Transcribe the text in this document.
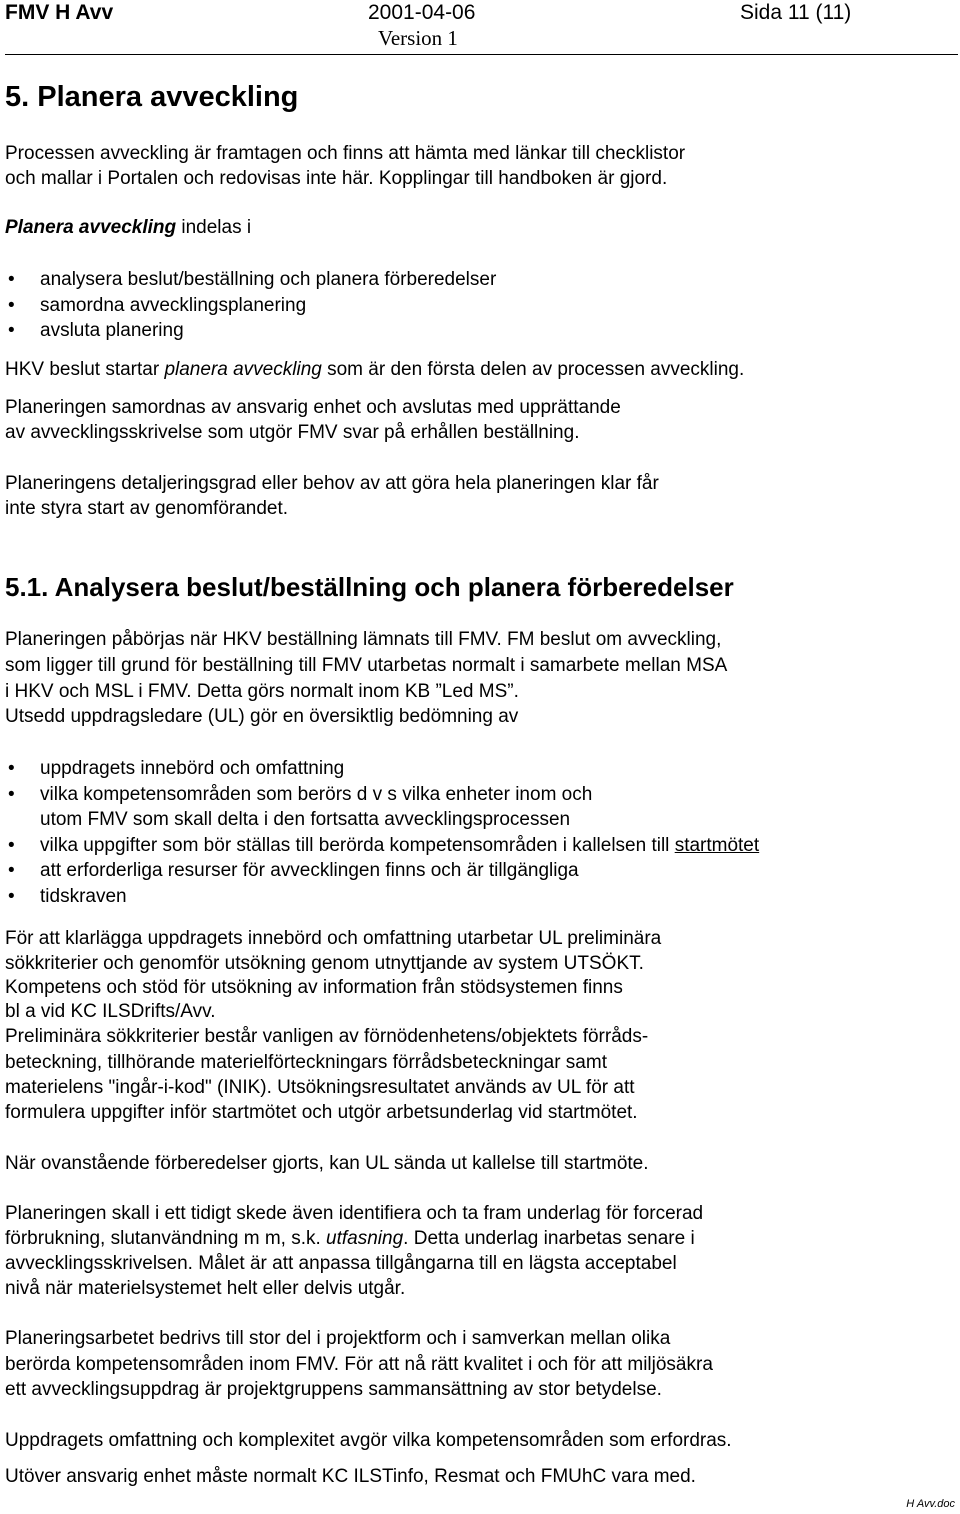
FMV H Avv	2001-04-06	Sida 11 (11)
Version 1
5. Planera avveckling
Processen avveckling är framtagen och finns att hämta med länkar till checklistor
och mallar i Portalen och redovisas inte här. Kopplingar till handboken är gjord.
Planera avveckling indelas i
• analysera beslut/beställning och planera förberedelser
• samordna avvecklingsplanering
• avsluta planering
HKV beslut startar planera avveckling som är den första delen av processen avveckling.
Planeringen samordnas av ansvarig enhet och avslutas med upprättande
av avvecklingsskrivelse som utgör FMV svar på erhållen beställning.
Planeringens detaljeringsgrad eller behov av att göra hela planeringen klar får
inte styra start av genomförandet.
5.1. Analysera beslut/beställning och planera förberedelser
Planeringen påbörjas när HKV beställning lämnats till FMV. FM beslut om avveckling,
som ligger till grund för beställning till FMV utarbetas normalt i samarbete mellan MSA
i HKV och MSL i FMV. Detta görs normalt inom KB ”Led MS”.
Utsedd uppdragsledare (UL) gör en översiktlig bedömning av
• uppdragets innebörd och omfattning
• vilka kompetensområden som berörs d v s vilka enheter inom och
utom FMV som skall delta i den fortsatta avvecklingsprocessen
• vilka uppgifter som bör ställas till berörda kompetensområden i kallelsen till startmötet
• att erforderliga resurser för avvecklingen finns och är tillgängliga
• tidskraven
För att klarlägga uppdragets innebörd och omfattning utarbetar UL preliminära
sökkriterier och genomför utsökning genom utnyttjande av system UTSÖKT.
Kompetens och stöd för utsökning av information från stödsystemen finns
bl a vid KC ILSDrifts/Avv.
Preliminära sökkriterier består vanligen av förnödenhetens/objektets förråds-
beteckning, tillhörande materielförteckningars förrådsbeteckningar samt
materielens "ingår-i-kod" (INIK). Utsökningsresultatet används av UL för att
formulera uppgifter inför startmötet och utgör arbetsunderlag vid startmötet.
När ovanstående förberedelser gjorts, kan UL sända ut kallelse till startmöte.
Planeringen skall i ett tidigt skede även identifiera och ta fram underlag för forcerad
förbrukning, slutanvändning m m, s.k. utfasning. Detta underlag inarbetas senare i
avvecklingsskrivelsen. Målet är att anpassa tillgångarna till en lägsta acceptabel
nivå när materielsystemet helt eller delvis utgår.
Planeringsarbetet bedrivs till stor del i projektform och i samverkan mellan olika
berörda kompetensområden inom FMV. För att nå rätt kvalitet i och för att miljösäkra
ett avvecklingsuppdrag är projektgruppens sammansättning av stor betydelse.
Uppdragets omfattning och komplexitet avgör vilka kompetensområden som erfordras.
Utöver ansvarig enhet måste normalt KC ILSTinfo, Resmat och FMUhC vara med.
H Avv.doc
